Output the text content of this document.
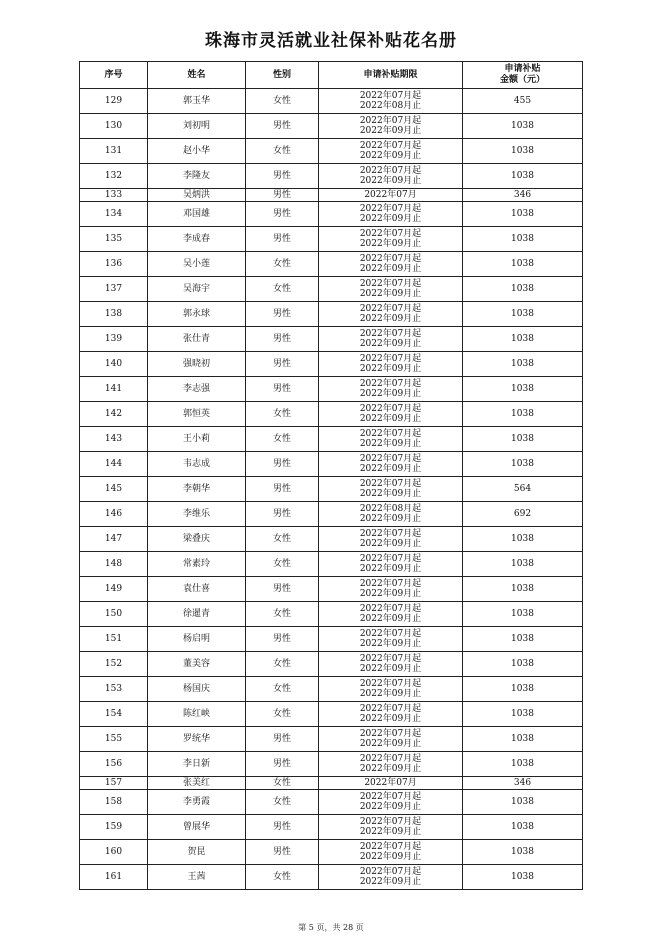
珠海市灵活就业社保补贴花名册
序号	姓名	性别	申请补贴期限	申请补贴
金额（元）

129	郭玉华	女性	2022年07月起
2022年08月止	455
130	刘初明	男性	2022年07月起
2022年09月止	1038
131	赵小华	女性	2022年07月起
2022年09月止	1038
132	李隆友	男性	2022年07月起
2022年09月止	1038
133	吴炳洪	男性	2022年07月	346
134	邓国雄	男性	2022年07月起
2022年09月止	1038
135	李成春	男性	2022年07月起
2022年09月止	1038
136	吴小莲	女性	2022年07月起
2022年09月止	1038
137	吴海宇	女性	2022年07月起
2022年09月止	1038
138	郭永球	男性	2022年07月起
2022年09月止	1038
139	张仕青	男性	2022年07月起
2022年09月止	1038
140	强晓初	男性	2022年07月起
2022年09月止	1038
141	李志强	男性	2022年07月起
2022年09月止	1038
142	郭恒英	女性	2022年07月起
2022年09月止	1038
143	王小莉	女性	2022年07月起
2022年09月止	1038
144	韦志成	男性	2022年07月起
2022年09月止	1038
145	李朝华	男性	2022年07月起
2022年09月止	564
146	李维乐	男性	2022年08月起
2022年09月止	692
147	梁叠庆	女性	2022年07月起
2022年09月止	1038
148	常素玲	女性	2022年07月起
2022年09月止	1038
149	袁仕喜	男性	2022年07月起
2022年09月止	1038
150	徐暹青	女性	2022年07月起
2022年09月止	1038
151	杨启明	男性	2022年07月起
2022年09月止	1038
152	董美容	女性	2022年07月起
2022年09月止	1038
153	杨国庆	女性	2022年07月起
2022年09月止	1038
154	陈红峡	女性	2022年07月起
2022年09月止	1038
155	罗统华	男性	2022年07月起
2022年09月止	1038
156	李日新	男性	2022年07月起
2022年09月止	1038
157	张美红	女性	2022年07月	346
158	李勇霞	女性	2022年07月起
2022年09月止	1038
159	曾展华	男性	2022年07月起
2022年09月止	1038
160	贺昆	男性	2022年07月起
2022年09月止	1038
161	王茜	女性	2022年07月起
2022年09月止	1038
第 5 页，共 28 页
